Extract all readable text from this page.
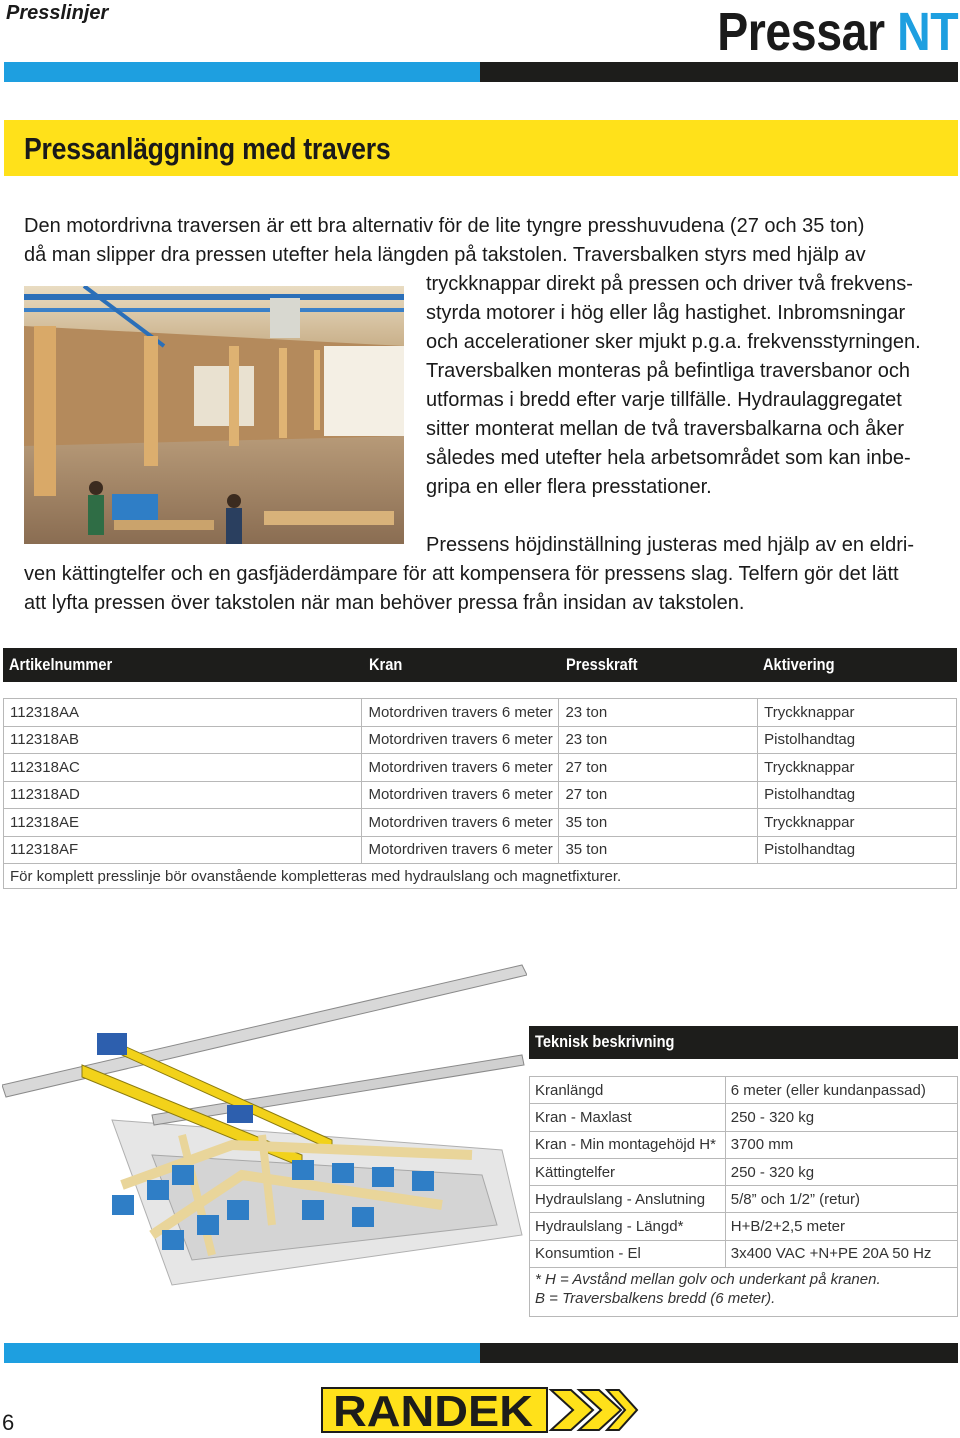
Presslinjer	Pressar NT
Pressanläggning med travers
Den motordrivna traversen är ett bra alternativ för de lite tyngre presshuvudena (27 och 35 ton)
då man slipper dra pressen utefter hela längden på takstolen. Traversbalken styrs med hjälp av
tryckknappar direkt på pressen och driver två frekvens-
styrda motorer i hög eller låg hastighet. Inbromsningar
och accelerationer sker mjukt p.g.a. frekvensstyrningen.
Traversbalken monteras på befintliga traversbanor och
utformas i bredd efter varje tillfälle. Hydraulaggregatet
sitter monterat mellan de två traversbalkarna och åker
således med utefter hela arbetsområdet som kan inbe-
gripa en eller flera presstationer.
Pressens höjdinställning justeras med hjälp av en eldri-
ven kättingtelfer och en gasfjäderdämpare för att kompensera för pressens slag. Telfern gör det lätt
att lyfta pressen över takstolen när man behöver pressa från insidan av takstolen.
Artikelnummer	Kran	Presskraft	Aktivering
112318AA	Motordriven travers 6 meter	23 ton	Tryckknappar
112318AB	Motordriven travers 6 meter	23 ton	Pistolhandtag
112318AC	Motordriven travers 6 meter	27 ton	Tryckknappar
112318AD	Motordriven travers 6 meter	27 ton	Pistolhandtag
112318AE	Motordriven travers 6 meter	35 ton	Tryckknappar
112318AF	Motordriven travers 6 meter	35 ton	Pistolhandtag
För komplett presslinje bör ovanstående kompletteras med hydraulslang och magnetfixturer.			
Teknisk beskrivning
Kranlängd	6 meter (eller kundanpassad)
Kran - Maxlast	250 - 320 kg
Kran - Min montagehöjd H*	3700 mm
Kättingtelfer	250 - 320 kg
Hydraulslang - Anslutning	5/8” och 1/2” (retur)
Hydraulslang - Längd*	H+B/2+2,5 meter
Konsumtion - El	3x400 VAC +N+PE 20A 50 Hz

* H = Avstånd mellan golv och underkant på kranen.
B = Traversbalkens bredd (6 meter).	
6	RANDEK
